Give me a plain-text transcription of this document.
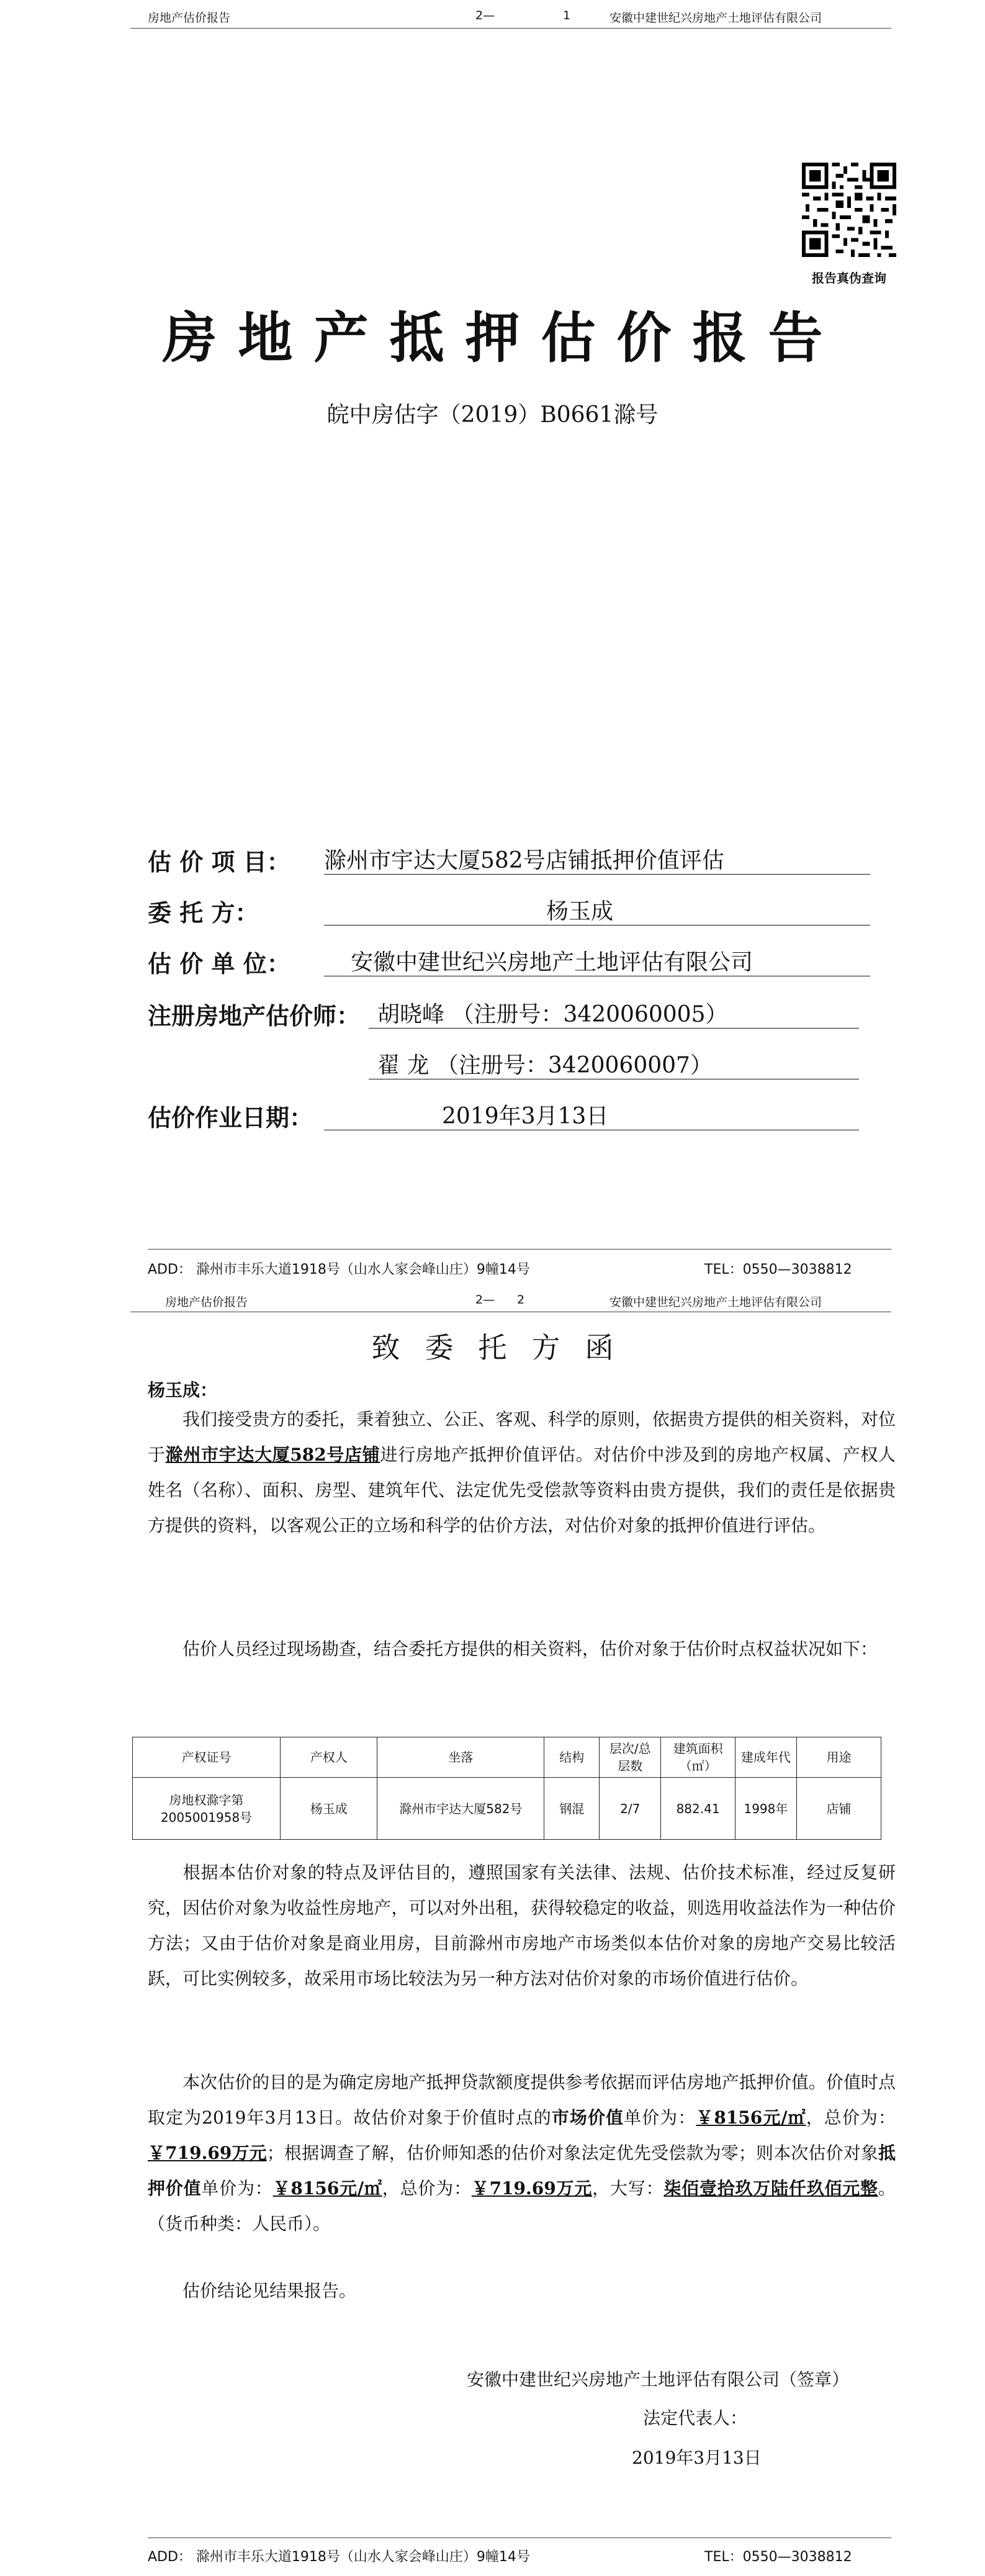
房地产估价报告	2—	1	安徽中建世纪兴房地产土地评估有限公司
报告真伪查询
房地产抵押估价报告
皖中房估字（2019）B0661滁号
估 价 项 目： 滁州市宇达大厦582号店铺抵押价值评估
委 托 方：	杨玉成
估 价 单 位：	安徽中建世纪兴房地产土地评估有限公司
注册房地产估价师： 胡晓峰 （注册号：3420060005）
翟 龙 （注册号：3420060007）
估价作业日期：	2019年3月13日
ADD： 滁州市丰乐大道1918号（山水人家会峰山庄）9幢14号	TEL：0550—3038812
房地产估价报告	2— 2	安徽中建世纪兴房地产土地评估有限公司
致委托方函
杨玉成：

我们接受贵方的委托，秉着独立、公正、客观、科学的原则，依据贵方提供的相关资料，对位于滁州市宇达大厦582号店铺进行房地产抵押价值评估。对估价中涉及到的房地产权属、产权人姓名（名称）、面积、房型、建筑年代、法定优先受偿款等资料由贵方提供，我们的责任是依据贵方提供的资料，以客观公正的立场和科学的估价方法，对估价对象的抵押价值进行评估。

估价人员经过现场勘查，结合委托方提供的相关资料，估价对象于估价时点权益状况如下：

产权证号	产权人	坐落	结构	层次/总层数	建筑面积（㎡）	建成年代	用途
房地权滁字第2005001958号	杨玉成	滁州市宇达大厦582号	钢混	2/7	882.41	1998年	店铺

根据本估价对象的特点及评估目的，遵照国家有关法律、法规、估价技术标准，经过反复研究，因估价对象为收益性房地产，可以对外出租，获得较稳定的收益，则选用收益法作为一种估价方法；又由于估价对象是商业用房，目前滁州市房地产市场类似本估价对象的房地产交易比较活跃，可比实例较多，故采用市场比较法为另一种方法对估价对象的市场价值进行估价。

本次估价的目的是为确定房地产抵押贷款额度提供参考依据而评估房地产抵押价值。价值时点取定为2019年3月13日。故估价对象于价值时点的市场价值单价为：￥8156元/㎡，总价为：￥719.69万元；根据调查了解，估价师知悉的估价对象法定优先受偿款为零；则本次估价对象抵押价值单价为：￥8156元/㎡，总价为：￥719.69万元，大写：柒佰壹拾玖万陆仟玖佰元整。（货币种类：人民币）。

估价结论见结果报告。

安徽中建世纪兴房地产土地评估有限公司（签章）
法定代表人：
2019年3月13日
ADD： 滁州市丰乐大道1918号（山水人家会峰山庄）9幢14号	TEL：0550—3038812
